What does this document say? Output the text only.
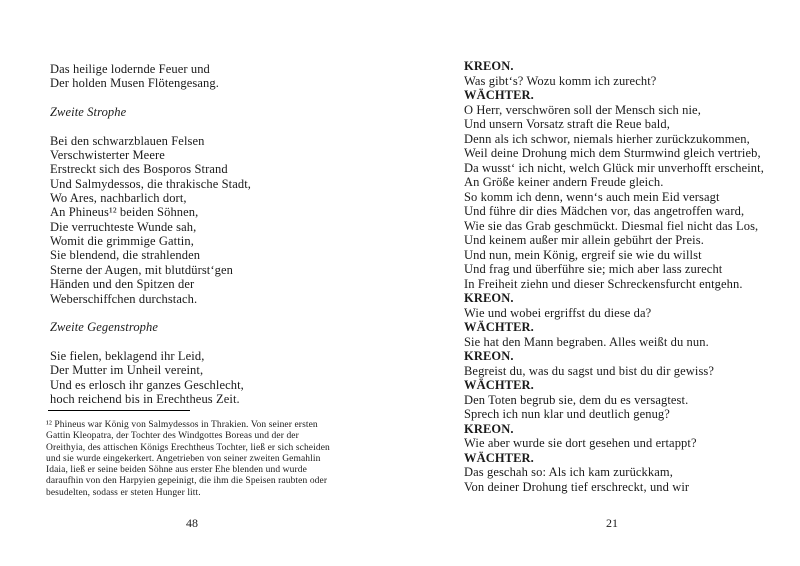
Das heilige lodernde Feuer und
Der holden Musen Flötengesang.

Zweite Strophe

Bei den schwarzblauen Felsen
Verschwisterter Meere
Erstreckt sich des Bosporos Strand
Und Salmydessos, die thrakische Stadt,
Wo Ares, nachbarlich dort,
An Phineus¹² beiden Söhnen,
Die verruchteste Wunde sah,
Womit die grimmige Gattin,
Sie blendend, die strahlenden
Sterne der Augen, mit blutdürst‘gen
Händen und den Spitzen der
Weberschiffchen durchstach.

Zweite Gegenstrophe

Sie fielen, beklagend ihr Leid,
Der Mutter im Unheil vereint,
Und es erlosch ihr ganzes Geschlecht,
hoch reichend bis in Erechtheus Zeit.
¹² Phineus war König von Salmydessos in Thrakien. Von seiner ersten
Gattin Kleopatra, der Tochter des Windgottes Boreas und der der
Oreithyia, des attischen Königs Erechtheus Tochter, ließ er sich scheiden
und sie wurde eingekerkert. Angetrieben von seiner zweiten Gemahlin
Idaia, ließ er seine beiden Söhne aus erster Ehe blenden und wurde
daraufhin von den Harpyien gepeinigt, die ihm die Speisen raubten oder
besudelten, sodass er steten Hunger litt.
48
KREON.
Was gibt‘s? Wozu komm ich zurecht?
WÄCHTER.
O Herr, verschwören soll der Mensch sich nie,
Und unsern Vorsatz straft die Reue bald,
Denn als ich schwor, niemals hierher zurückzukommen,
Weil deine Drohung mich dem Sturmwind gleich vertrieb,
Da wusst‘ ich nicht, welch Glück mir unverhofft erscheint,
An Größe keiner andern Freude gleich.
So komm ich denn, wenn‘s auch mein Eid versagt
Und führe dir dies Mädchen vor, das angetroffen ward,
Wie sie das Grab geschmückt. Diesmal fiel nicht das Los,
Und keinem außer mir allein gebührt der Preis.
Und nun, mein König, ergreif sie wie du willst
Und frag und überführe sie; mich aber lass zurecht
In Freiheit ziehn und dieser Schreckensfurcht entgehn.
KREON.
Wie und wobei ergriffst du diese da?
WÄCHTER.
Sie hat den Mann begraben. Alles weißt du nun.
KREON.
Begreist du, was du sagst und bist du dir gewiss?
WÄCHTER.
Den Toten begrub sie, dem du es versagtest.
Sprech ich nun klar und deutlich genug?
KREON.
Wie aber wurde sie dort gesehen und ertappt?
WÄCHTER.
Das geschah so: Als ich kam zurückkam,
Von deiner Drohung tief erschreckt, und wir
21
